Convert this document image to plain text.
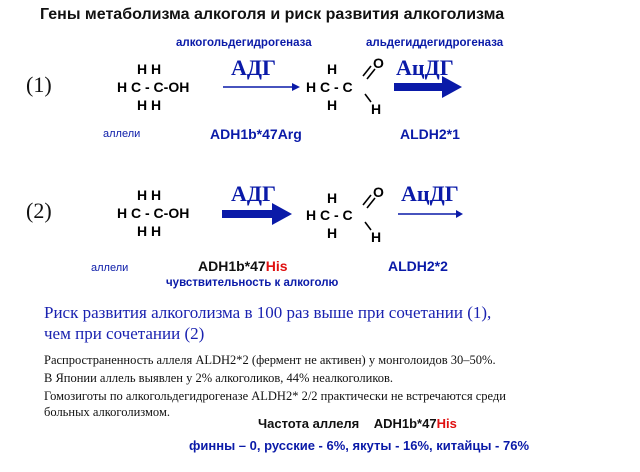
Гены метаболизма алкоголя и риск развития алкоголизма
алкогольдегидрогеназа	альдегиддегидрогеназа
(1)
H H
H C - C-OH
H H
АДГ	H
H C - C
H H
O АцДГ
аллели	ADH1b*47Arg	ALDH2*1
(2)
H H
H C - C-OH
H H
АДГ	H
H C - C
H H
O АцДГ
аллели	ADH1b*47His	ALDH2*2
чувствительность к алкоголю
Риск развития алкоголизма в 100 раз выше при сочетании (1),
чем при сочетании (2)
Распространенность аллеля ALDH2*2 (фермент не активен) у монголоидов 30–50%.
В Японии аллель выявлен у 2% алкоголиков, 44% неалкоголиков.
Гомозиготы по алкогольдегидрогеназе ALDH2* 2/2 практически не встречаются среди
больных алкоголизмом.
Частота аллеля ADH1b*47His
финны – 0, русские - 6%, якуты - 16%, китайцы - 76%
